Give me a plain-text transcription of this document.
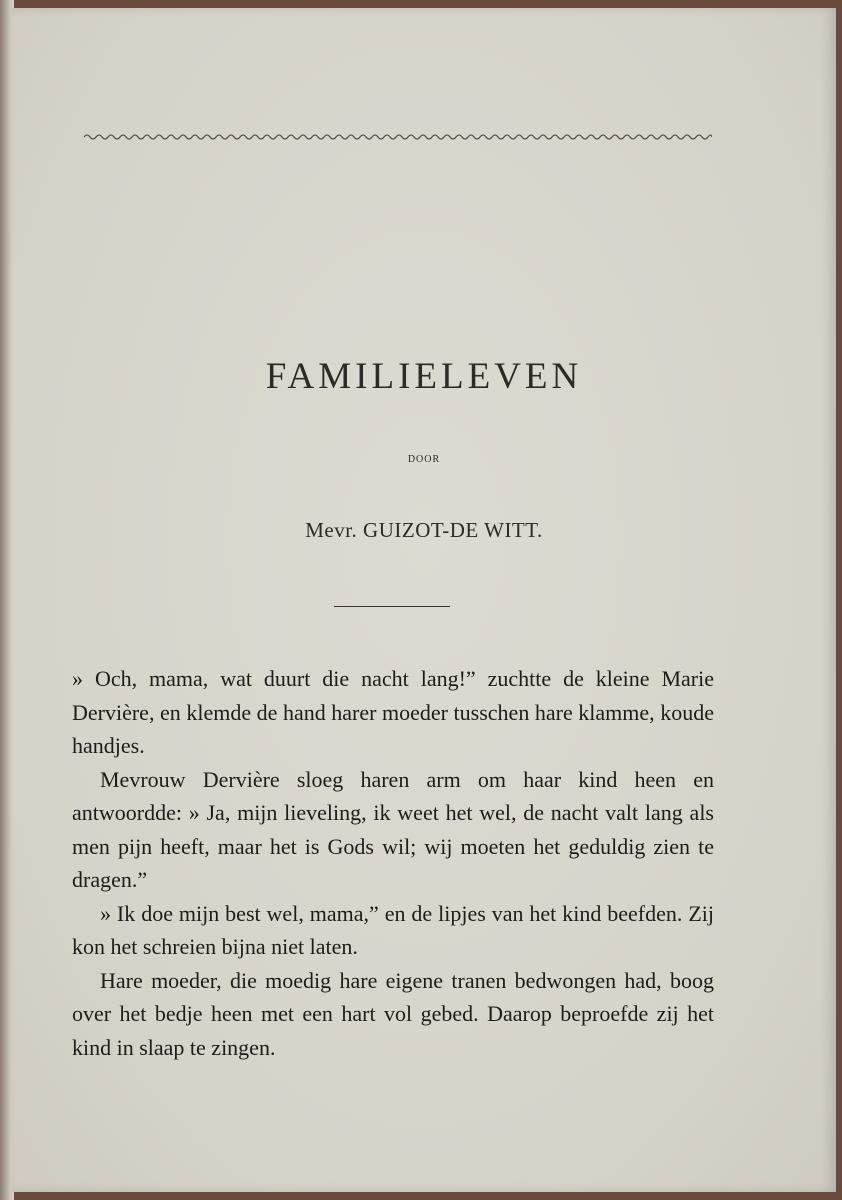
FAMILIELEVEN
DOOR
Mevr. GUIZOT-DE WITT.

» Och, mama, wat duurt die nacht lang!” zuchtte de kleine Marie Dervière, en klemde de hand harer moeder tusschen hare klamme, koude handjes.

Mevrouw Dervière sloeg haren arm om haar kind heen en antwoordde: » Ja, mijn lieveling, ik weet het wel, de nacht valt lang als men pijn heeft, maar het is Gods wil; wij moeten het geduldig zien te dragen.”

» Ik doe mijn best wel, mama,” en de lipjes van het kind beefden. Zij kon het schreien bijna niet laten.

Hare moeder, die moedig hare eigene tranen bedwongen had, boog over het bedje heen met een hart vol gebed. Daarop beproefde zij het kind in slaap te zingen.
